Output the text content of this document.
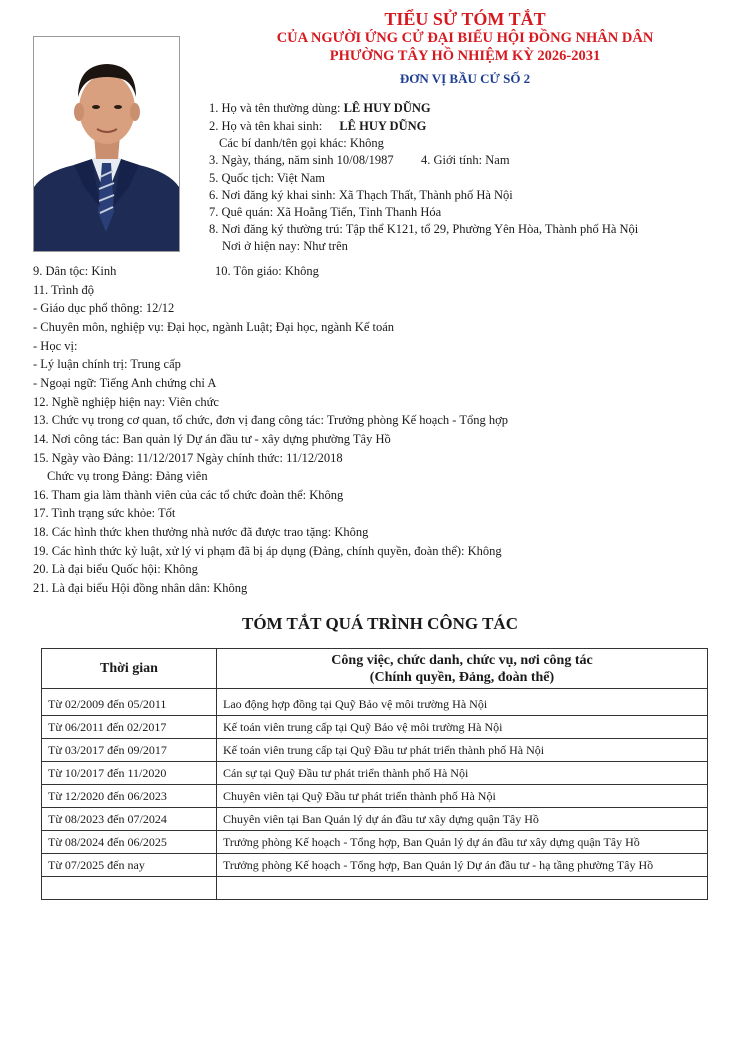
TIỂU SỬ TÓM TẮT
CỦA NGƯỜI ỨNG CỬ ĐẠI BIỂU HỘI ĐỒNG NHÂN DÂN
PHƯỜNG TÂY HỒ NHIỆM KỲ 2026-2031
ĐƠN VỊ BẦU CỬ SỐ 2
1. Họ và tên thường dùng: LÊ HUY DŨNG
2. Họ và tên khai sinh: LÊ HUY DŨNG
Các bí danh/tên gọi khác: Không
3. Ngày, tháng, năm sinh 10/08/1987 4. Giới tính: Nam
5. Quốc tịch: Việt Nam
6. Nơi đăng ký khai sinh: Xã Thạch Thất, Thành phố Hà Nội
7. Quê quán: Xã Hoằng Tiến, Tỉnh Thanh Hóa
8. Nơi đăng ký thường trú: Tập thể K121, tổ 29, Phường Yên Hòa, Thành phố Hà Nội
Nơi ở hiện nay: Như trên
9. Dân tộc: Kinh	10. Tôn giáo: Không
11. Trình độ
- Giáo dục phổ thông: 12/12
- Chuyên môn, nghiệp vụ: Đại học, ngành Luật; Đại học, ngành Kế toán
- Học vị:
- Lý luận chính trị: Trung cấp
- Ngoại ngữ: Tiếng Anh chứng chỉ A
12. Nghề nghiệp hiện nay: Viên chức
13. Chức vụ trong cơ quan, tổ chức, đơn vị đang công tác: Trưởng phòng Kế hoạch - Tổng hợp
14. Nơi công tác: Ban quản lý Dự án đầu tư - xây dựng phường Tây Hồ
15. Ngày vào Đảng: 11/12/2017 Ngày chính thức: 11/12/2018
Chức vụ trong Đảng: Đảng viên
16. Tham gia làm thành viên của các tổ chức đoàn thể: Không
17. Tình trạng sức khỏe: Tốt
18. Các hình thức khen thưởng nhà nước đã được trao tặng: Không
19. Các hình thức kỷ luật, xử lý vi phạm đã bị áp dụng (Đảng, chính quyền, đoàn thể): Không
20. Là đại biểu Quốc hội: Không
21. Là đại biểu Hội đồng nhân dân: Không
TÓM TẮT QUÁ TRÌNH CÔNG TÁC
Thời gian	Công việc, chức danh, chức vụ, nơi công tác
(Chính quyền, Đảng, đoàn thể)

Từ 02/2009 đến 05/2011	Lao động hợp đồng tại Quỹ Bảo vệ môi trường Hà Nội
Từ 06/2011 đến 02/2017	Kế toán viên trung cấp tại Quỹ Bảo vệ môi trường Hà Nội
Từ 03/2017 đến 09/2017	Kế toán viên trung cấp tại Quỹ Đầu tư phát triển thành phố Hà Nội
Từ 10/2017 đến 11/2020	Cán sự tại Quỹ Đầu tư phát triển thành phố Hà Nội
Từ 12/2020 đến 06/2023	Chuyên viên tại Quỹ Đầu tư phát triển thành phố Hà Nội
Từ 08/2023 đến 07/2024	Chuyên viên tại Ban Quản lý dự án đầu tư xây dựng quận Tây Hồ
Từ 08/2024 đến 06/2025	Trưởng phòng Kế hoạch - Tổng hợp, Ban Quản lý dự án đầu tư xây dựng quận Tây Hồ
Từ 07/2025 đến nay	Trưởng phòng Kế hoạch - Tổng hợp, Ban Quản lý Dự án đầu tư - hạ tầng phường Tây Hồ
